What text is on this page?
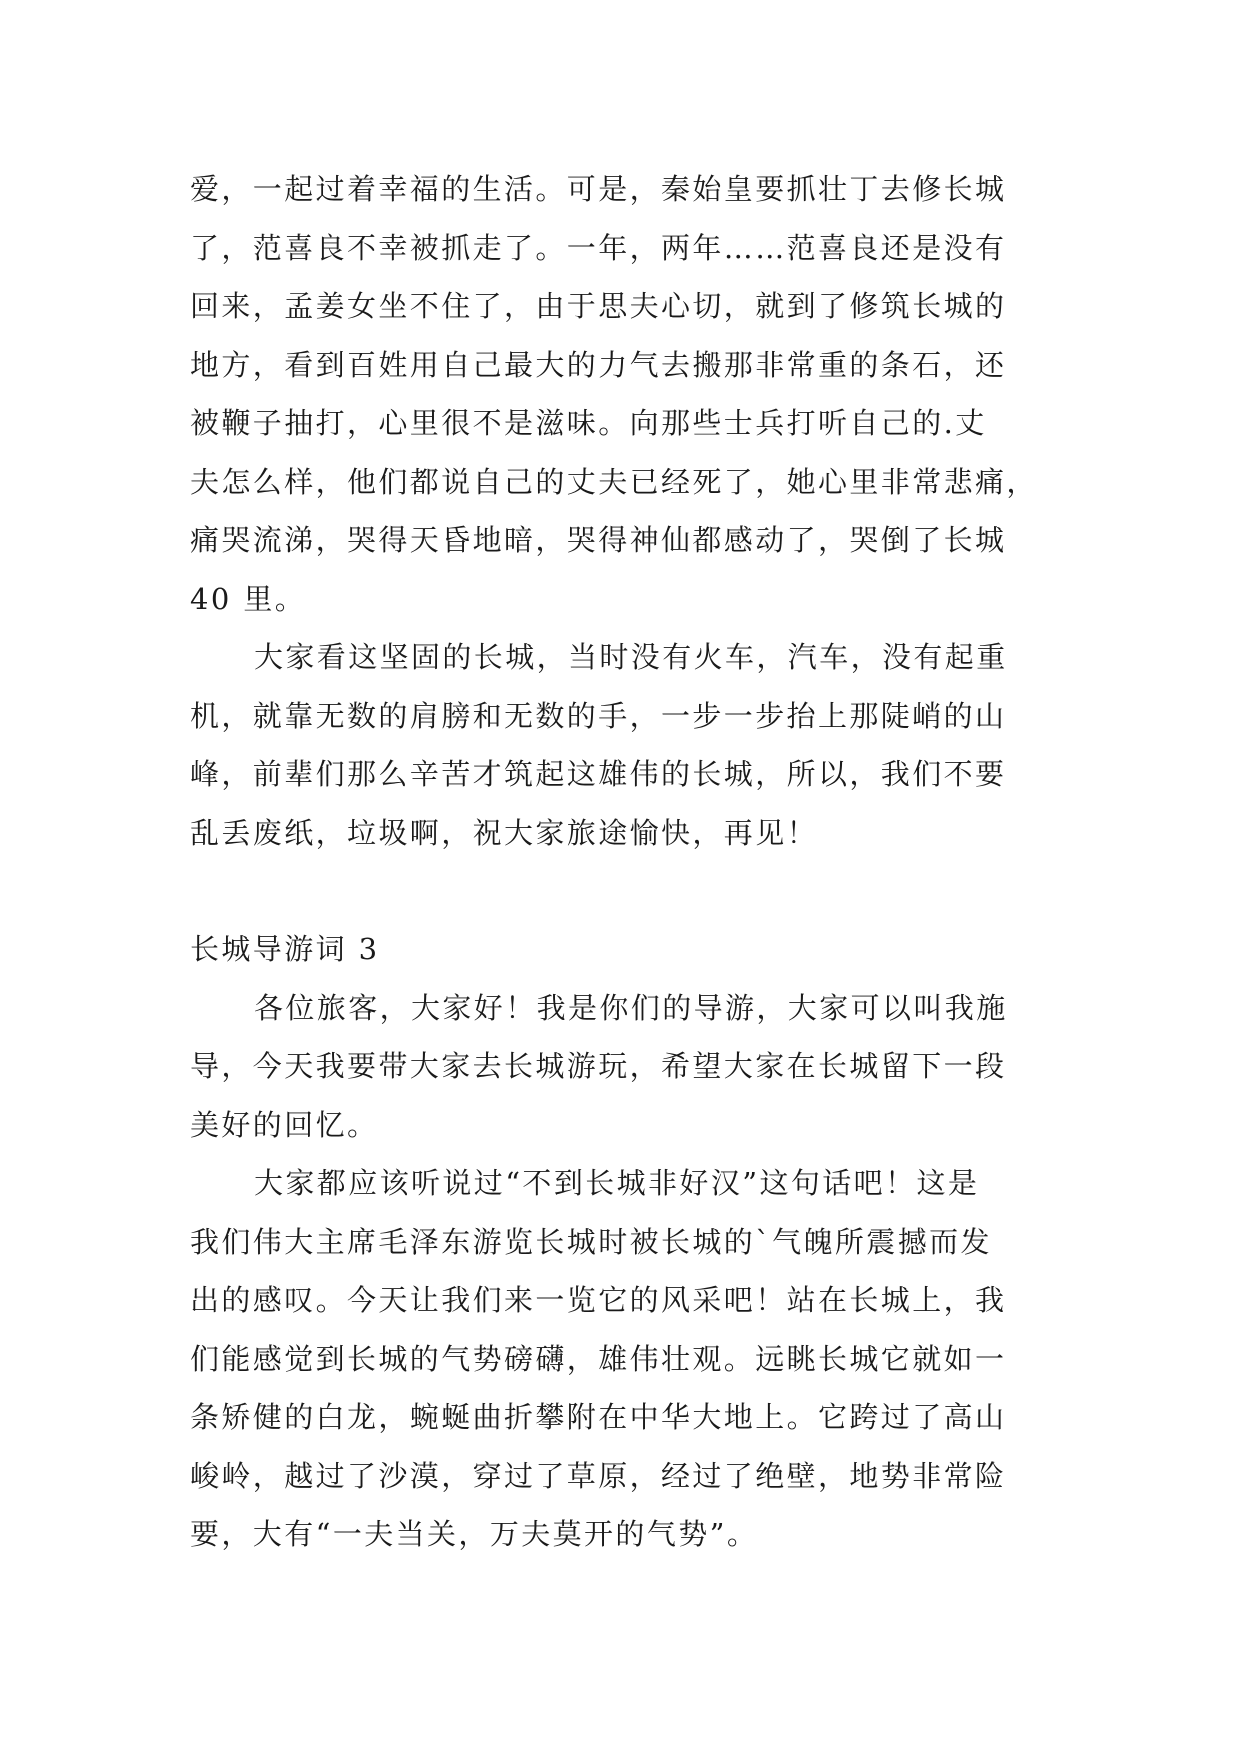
爱，一起过着幸福的生活。可是，秦始皇要抓壮丁去修长城
了，范喜良不幸被抓走了。一年，两年……范喜良还是没有
回来，孟姜女坐不住了，由于思夫心切，就到了修筑长城的
地方，看到百姓用自己最大的力气去搬那非常重的条石，还
被鞭子抽打，心里很不是滋味。向那些士兵打听自己的.丈
夫怎么样，他们都说自己的丈夫已经死了，她心里非常悲痛，
痛哭流涕，哭得天昏地暗，哭得神仙都感动了，哭倒了长城
40 里。

大家看这坚固的长城，当时没有火车，汽车，没有起重
机，就靠无数的肩膀和无数的手，一步一步抬上那陡峭的山
峰，前辈们那么辛苦才筑起这雄伟的长城，所以，我们不要
乱丢废纸，垃圾啊，祝大家旅途愉快，再见！

长城导游词 3

各位旅客，大家好！我是你们的导游，大家可以叫我施
导，今天我要带大家去长城游玩，希望大家在长城留下一段
美好的回忆。

大家都应该听说过“不到长城非好汉”这句话吧！这是
我们伟大主席毛泽东游览长城时被长城的`气魄所震撼而发
出的感叹。今天让我们来一览它的风采吧！站在长城上，我
们能感觉到长城的气势磅礴，雄伟壮观。远眺长城它就如一
条矫健的白龙，蜿蜒曲折攀附在中华大地上。它跨过了高山
峻岭，越过了沙漠，穿过了草原，经过了绝壁，地势非常险
要，大有“一夫当关，万夫莫开的气势”。
